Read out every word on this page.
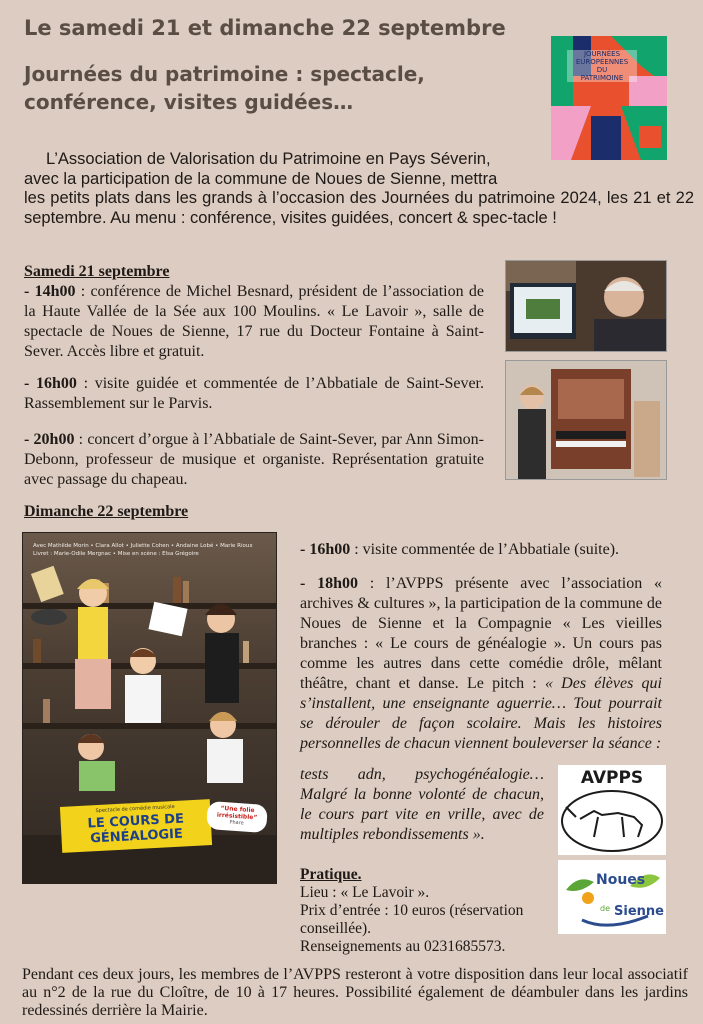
Le samedi 21 et dimanche 22 septembre
Journées du patrimoine : spectacle,
conférence, visites guidées…
JOURNÉES
EUROPÉENNES
DU
PATRIMOINE
L’Association de Valorisation du Patrimoine en Pays Séverin,
avec la participation de la commune de Noues de Sienne, mettra
les petits plats dans les grands à l’occasion des Journées du patrimoine 2024, les 21 et 22 septembre. Au menu : conférence, visites guidées, concert & spec-tacle !
Samedi 21 septembre
- 14h00 : conférence de Michel Besnard, président de l’association de la Haute Vallée de la Sée aux 100 Moulins. « Le Lavoir », salle de spectacle de Noues de Sienne, 17 rue du Docteur Fontaine à Saint-Sever. Accès libre et gratuit.
- 16h00 : visite guidée et commentée de l’Abbatiale de Saint-Sever. Rassemblement sur le Parvis.
- 20h00 : concert d’orgue à l’Abbatiale de Saint-Sever, par Ann Simon-Debonn, professeur de musique et organiste. Représentation gratuite avec passage du chapeau.
Dimanche 22 septembre
Avec Mathilde Morin • Clara Allot • Juliette Cohen • Andaine Lobé • Marie Rioux
Livret : Marie-Odile Mergnac • Mise en scène : Elsa Grégoire
Spectacle de comédie musicale
LE COURS DE
GÉNÉALOGIE
“Une folie irrésistible”
Phare
- 16h00 : visite commentée de l’Abbatiale (suite).
- 18h00 : l’AVPPS présente avec l’association « archives & cultures », la participation de la commune de Noues de Sienne et la Compagnie « Les vieilles branches : « Le cours de généalogie ». Un cours pas comme les autres dans cette comédie drôle, mêlant théâtre, chant et danse. Le pitch : « Des élèves qui s’installent, une enseignante aguerrie… Tout pourrait se dérouler de façon scolaire. Mais les histoires personnelles de chacun viennent bouleverser la séance :
tests adn, psychogénéalogie… Malgré la bonne volonté de chacun, le cours part vite en vrille, avec de multiples rebondissements ».
Pratique.
Lieu : « Le Lavoir ».
Prix d’entrée : 10 euros (réservation
conseillée).
Renseignements au 0231685573.
AVPPS
Noues
de Sienne
Pendant ces deux jours, les membres de l’AVPPS resteront à votre disposition dans leur local associatif au n°2 de la rue du Cloître, de 10 à 17 heures. Possibilité également de déambuler dans les jardins redessinés derrière la Mairie.
